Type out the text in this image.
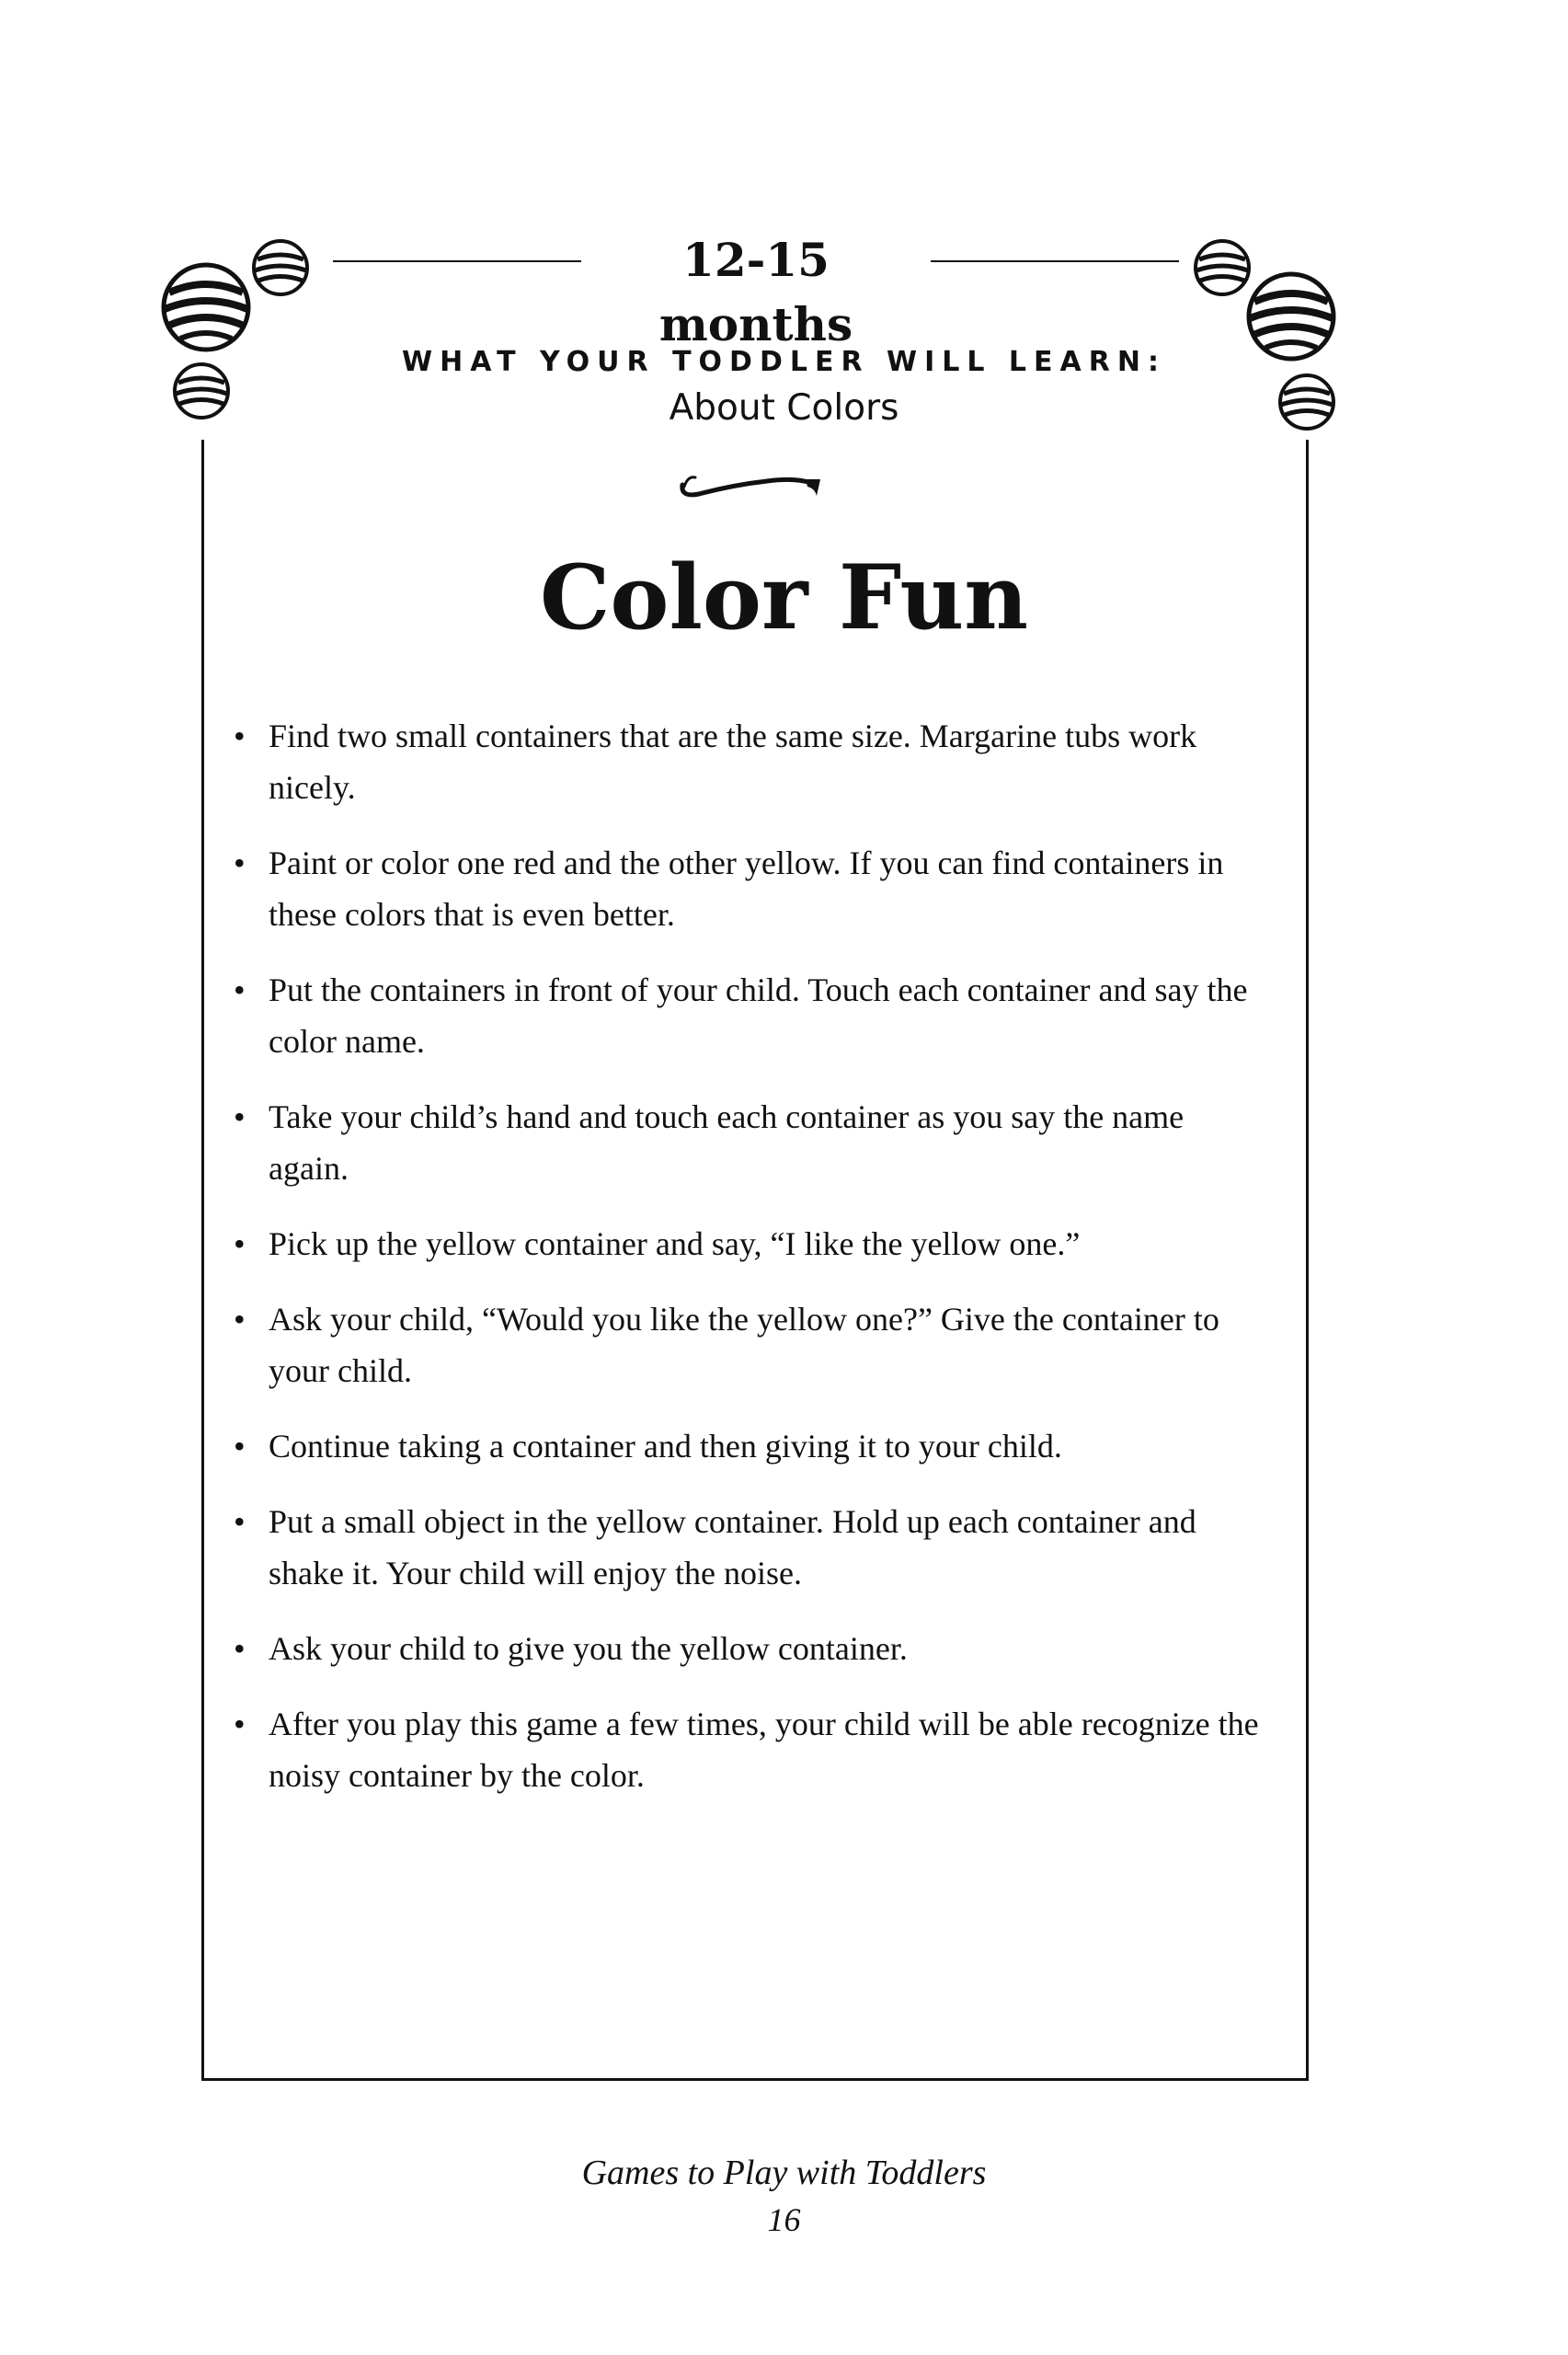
12-15 months
WHAT YOUR TODDLER WILL LEARN:
About Colors
Color Fun
• Find two small containers that are the same size. Margarine tubs work nicely.
• Paint or color one red and the other yellow. If you can find containers in these colors that is even better.
• Put the containers in front of your child. Touch each container and say the color name.
• Take your child’s hand and touch each container as you say the name again.
• Pick up the yellow container and say, “I like the yellow one.”
• Ask your child, “Would you like the yellow one?” Give the container to your child.
• Continue taking a container and then giving it to your child.
• Put a small object in the yellow container. Hold up each container and shake it. Your child will enjoy the noise.
• Ask your child to give you the yellow container.
• After you play this game a few times, your child will be able recognize the noisy container by the color.
Games to Play with Toddlers
16
